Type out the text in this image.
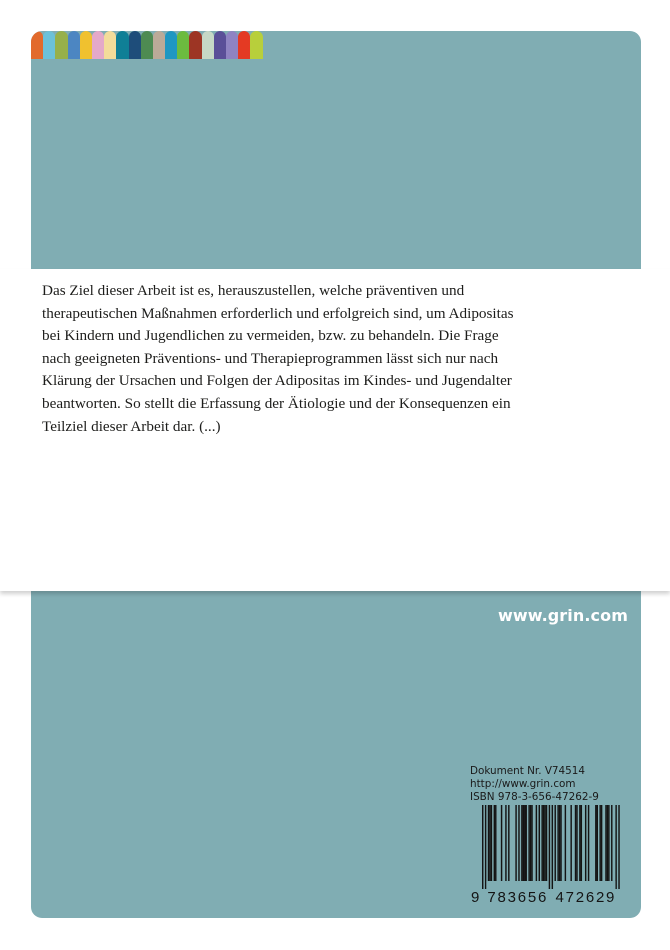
Das Ziel dieser Arbeit ist es, herauszustellen, welche präventiven und
therapeutischen Maßnahmen erforderlich und erfolgreich sind, um Adipositas
bei Kindern und Jugendlichen zu vermeiden, bzw. zu behandeln. Die Frage
nach geeigneten Präventions- und Therapieprogrammen lässt sich nur nach
Klärung der Ursachen und Folgen der Adipositas im Kindes- und Jugendalter
beantworten. So stellt die Erfassung der Ätiologie und der Konsequenzen ein
Teilziel dieser Arbeit dar. (...)

www.grin.com
Dokument Nr. V74514
http://www.grin.com
ISBN 978-3-656-47262-9
9 783656 472629
